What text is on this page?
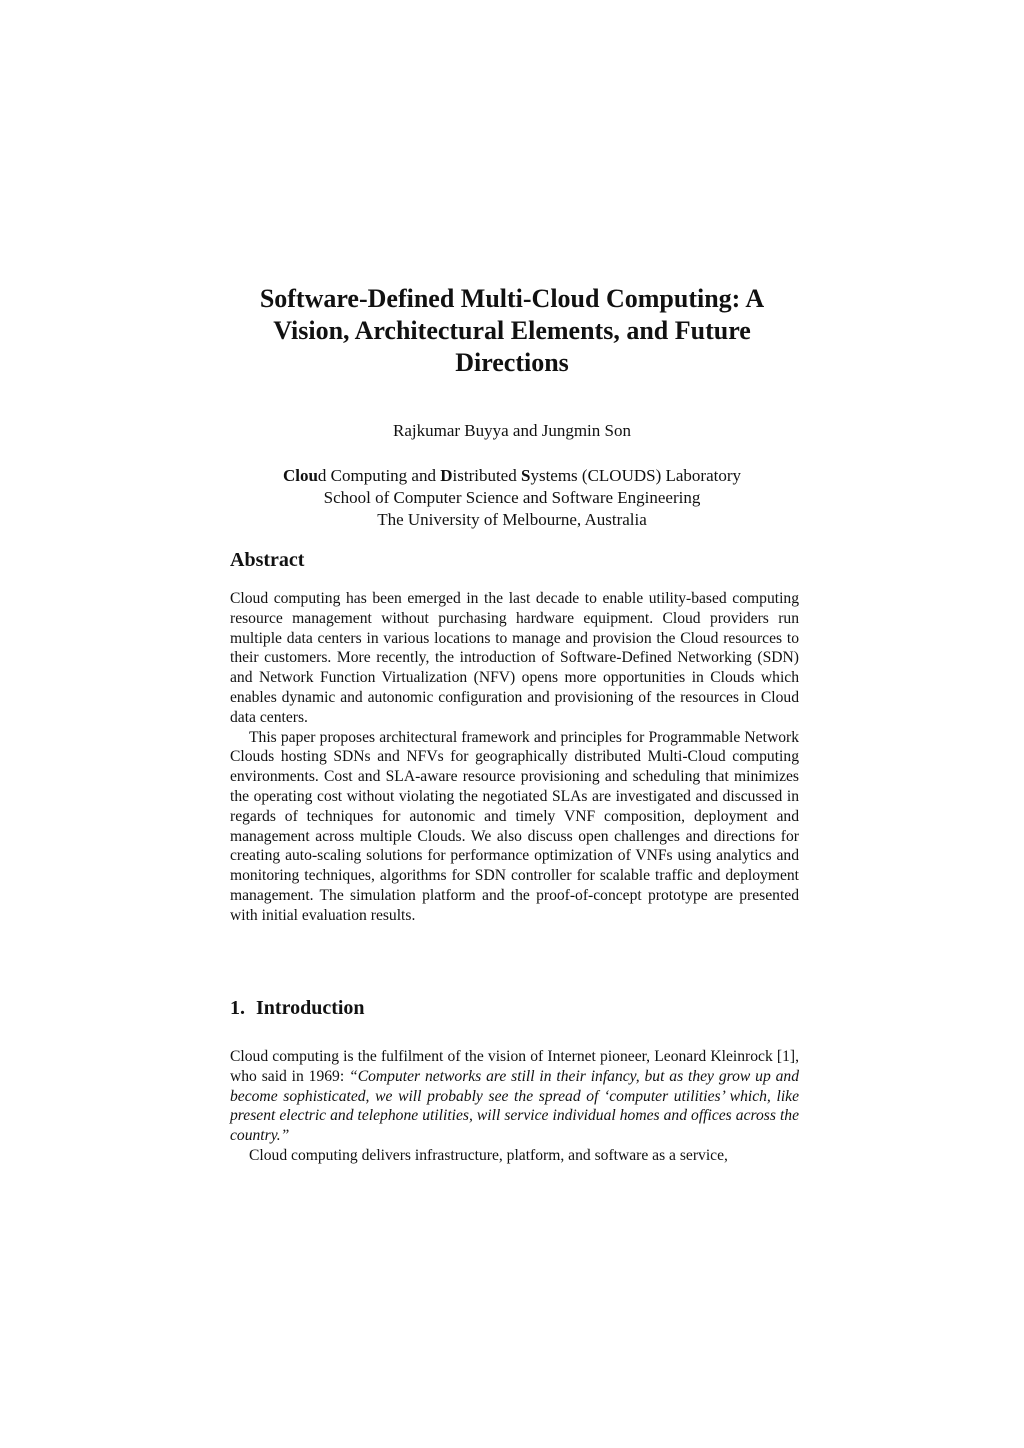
Software-Defined Multi-Cloud Computing: A
Vision, Architectural Elements, and Future
Directions
Rajkumar Buyya and Jungmin Son
Cloud Computing and Distributed Systems (CLOUDS) Laboratory
School of Computer Science and Software Engineering
The University of Melbourne, Australia
Abstract

Cloud computing has been emerged in the last decade to enable utility-based computing resource management without purchasing hardware equipment. Cloud providers run multiple data centers in various locations to manage and provision the Cloud resources to their customers. More recently, the introduction of Software-Defined Networking (SDN) and Network Function Virtualization (NFV) opens more opportunities in Clouds which enables dynamic and autonomic configuration and provisioning of the resources in Cloud data centers.

This paper proposes architectural framework and principles for Programmable Network Clouds hosting SDNs and NFVs for geographically distributed Multi-Cloud computing environments. Cost and SLA-aware resource provisioning and scheduling that minimizes the operating cost without violating the negotiated SLAs are investigated and discussed in regards of techniques for autonomic and timely VNF composition, deployment and management across multiple Clouds. We also discuss open challenges and directions for creating auto-scaling solutions for performance optimization of VNFs using analytics and monitoring techniques, algorithms for SDN controller for scalable traffic and deployment management. The simulation platform and the proof-of-concept prototype are presented with initial evaluation results.

1. Introduction

Cloud computing is the fulfilment of the vision of Internet pioneer, Leonard Kleinrock [1], who said in 1969: “Computer networks are still in their infancy, but as they grow up and become sophisticated, we will probably see the spread of ‘computer utilities’ which, like present electric and telephone utilities, will service individual homes and offices across the country.”

Cloud computing delivers infrastructure, platform, and software as a service,
